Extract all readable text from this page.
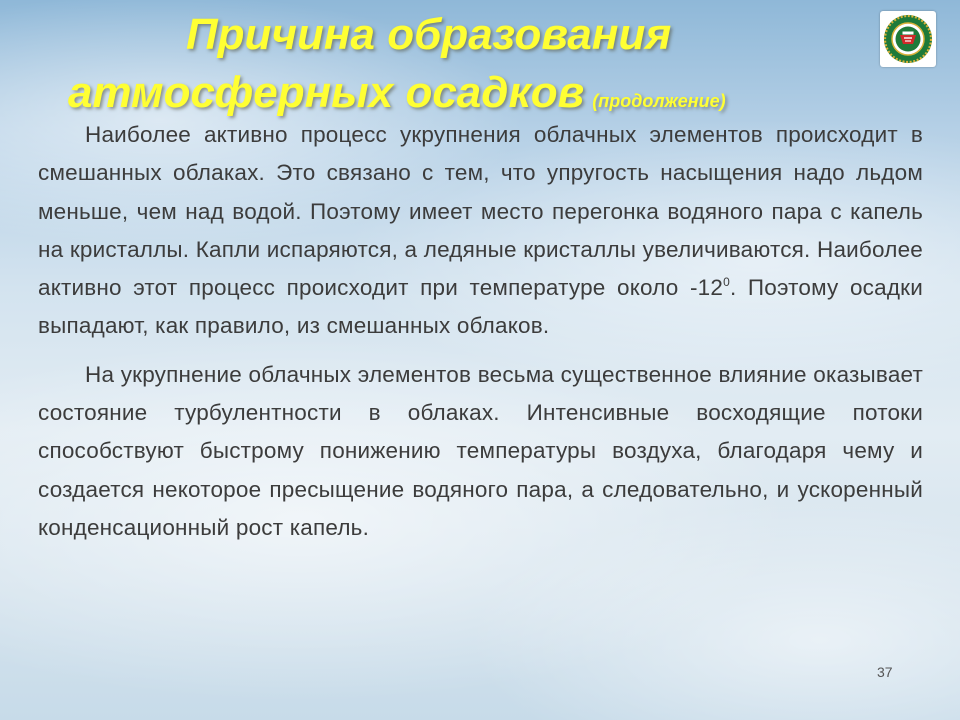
Причина образования
атмосферных осадков (продолжение)

Наиболее активно процесс укрупнения облачных элементов происходит в смешанных облаках. Это связано с тем, что упругость насыщения надо льдом меньше, чем над водой. Поэтому имеет место перегонка водяного пара с капель на кристаллы. Капли испаряются, а ледяные кристаллы увеличиваются. Наиболее активно этот процесс происходит при температуре около $-12^0$. Поэтому осадки выпадают, как правило, из смешанных облаков.

На укрупнение облачных элементов весьма существенное влияние оказывает состояние турбулентности в облаках. Интенсивные восходящие потоки способствуют быстрому понижению температуры воздуха, благодаря чему и создается некоторое пресыщение водяного пара, а следовательно, и ускоренный конденсационный рост капель.

37
